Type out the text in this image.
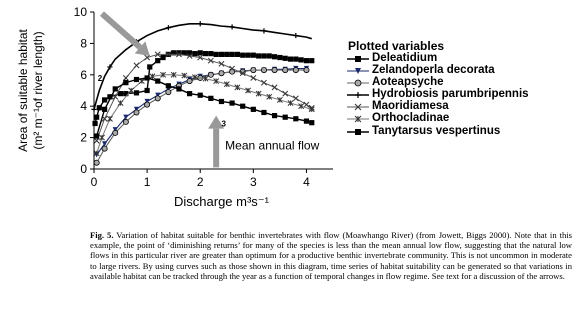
Mean annual flow
2
3
0	1	2	3	4
0
2
4
6
8
10
Discharge m³s⁻¹
Area of suitable habitat (m² m⁻¹of river length)	Plotted variables
Deleatidium
Zelandoperla decorata
Aoteapsyche
Hydrobiosis parumbripennis
Maoridiamesa
Orthocladinae
Tanytarsus vespertinus
Fig. 5. Variation of habitat suitable for benthic invertebrates with flow (Moawhango River) (from Jowett, Biggs 2000). Note that in this example, the point of ‘diminishing returns’ for many of the species is less than the mean annual low flow, suggesting that the natural low flows in this particular river are greater than optimum for a productive benthic invertebrate community. This is not uncommon in moderate to large rivers. By using curves such as those shown in this diagram, time series of habitat suitability can be generated so that variations in available habitat can be tracked through the year as a function of temporal changes in flow regime. See text for a discussion of the arrows.
